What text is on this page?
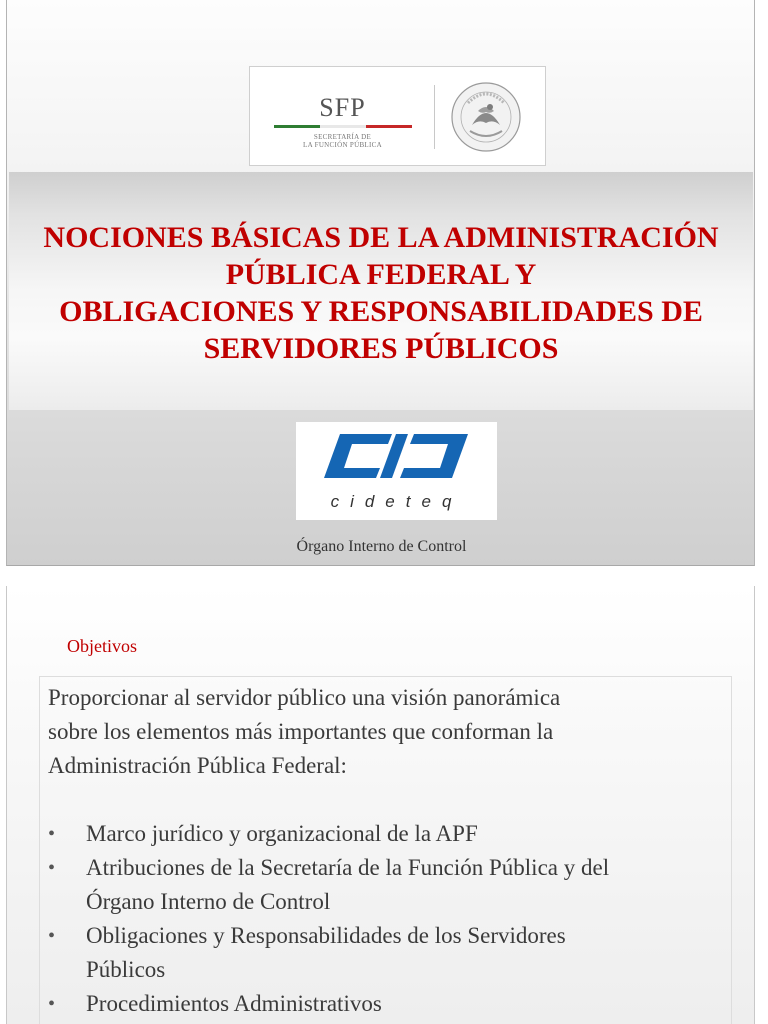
SFP
SECRETARÍA DE
LA FUNCIÓN PÚBLICA
NOCIONES BÁSICAS DE LA ADMINISTRACIÓN
PÚBLICA FEDERAL Y
OBLIGACIONES Y RESPONSABILIDADES DE
SERVIDORES PÚBLICOS
cideteq
Órgano Interno de Control
Objetivos
Proporcionar al servidor público una visión panorámica
sobre los elementos más importantes que conforman la
Administración Pública Federal:
• Marco jurídico y organizacional de la APF
• Atribuciones de la Secretaría de la Función Pública y del
Órgano Interno de Control
• Obligaciones y Responsabilidades de los Servidores
Públicos
• Procedimientos Administrativos
